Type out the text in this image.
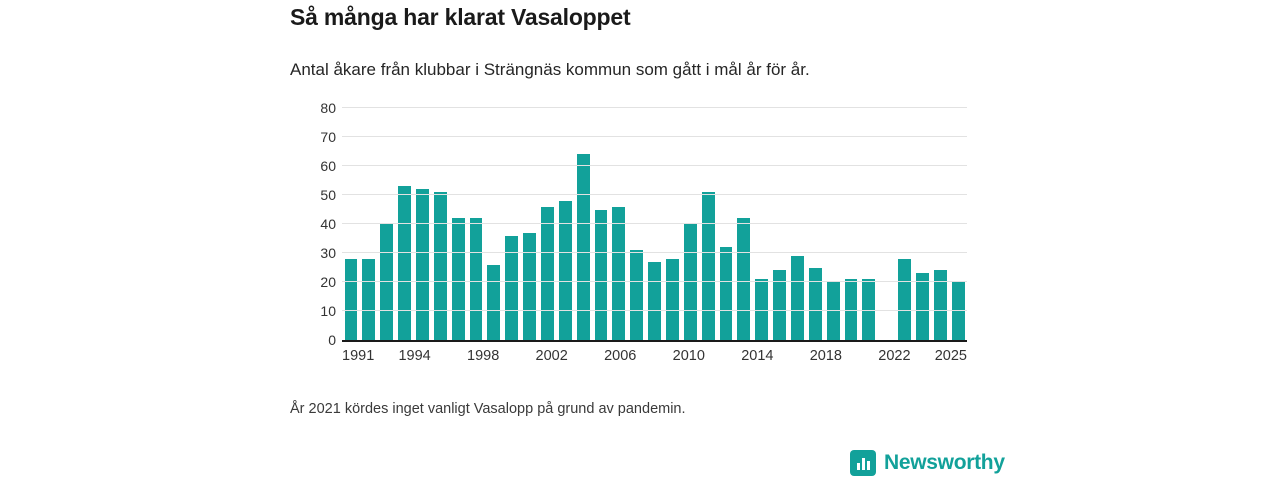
Så många har klarat Vasaloppet
Antal åkare från klubbar i Strängnäs kommun som gått i mål år för år.
0
10
20
30
40
50
60
70
80
1991 1994	1998	2002	2006	2010	2014	2018	2022 2025
År 2021 kördes inget vanligt Vasalopp på grund av pandemin.
Newsworthy
